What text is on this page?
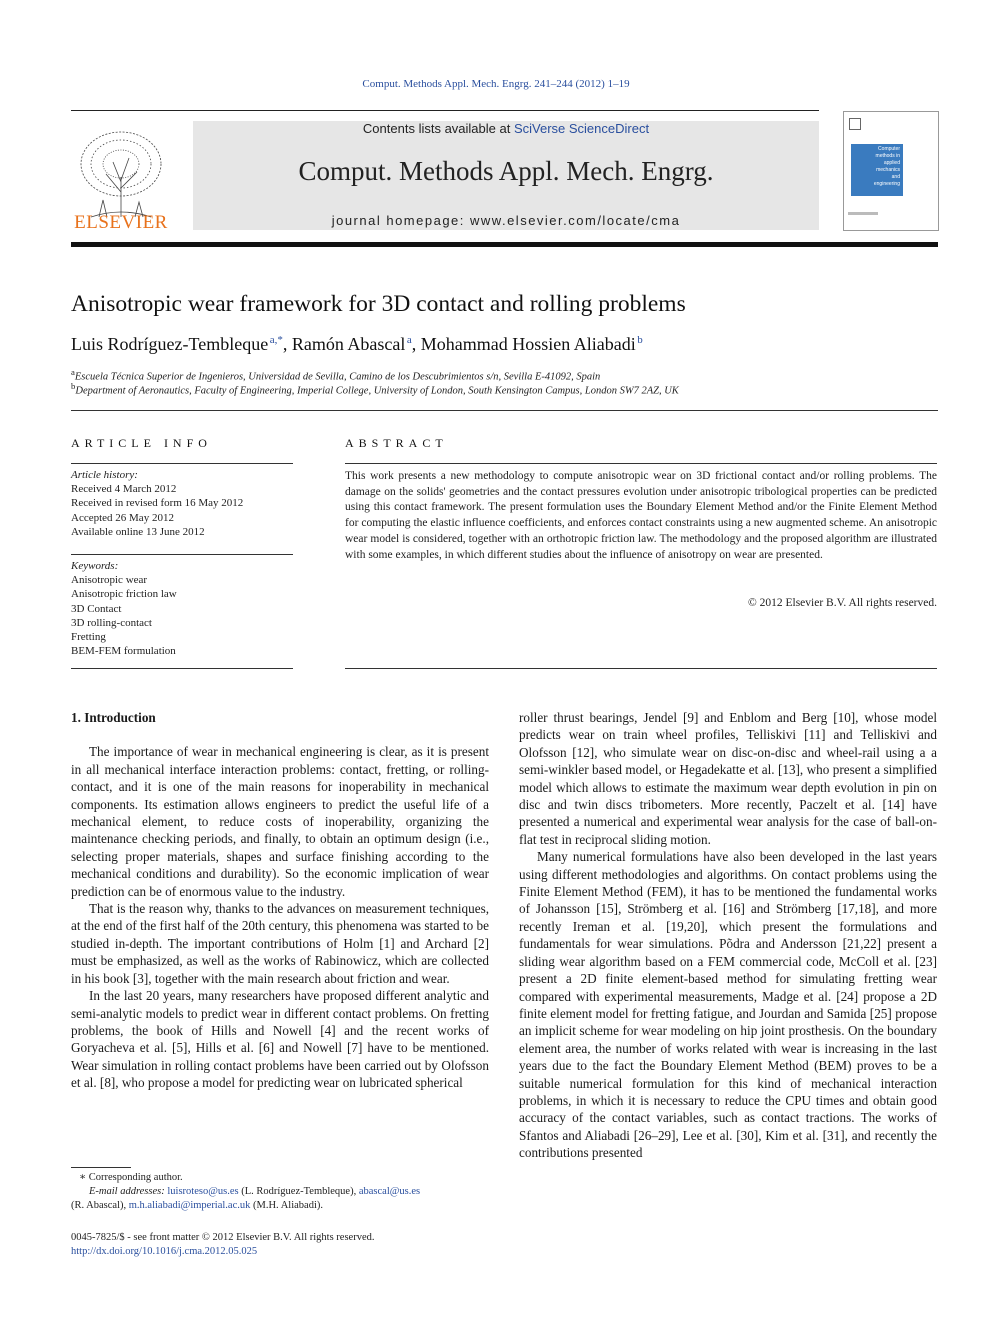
Comput. Methods Appl. Mech. Engrg. 241–244 (2012) 1–19
ELSEVIER
Contents lists available at SciVerse ScienceDirect
Comput. Methods Appl. Mech. Engrg.
journal homepage: www.elsevier.com/locate/cma
Computer
methods in
applied
mechanics
and
engineering
Anisotropic wear framework for 3D contact and rolling problems
Luis Rodríguez-Tembleque  $^{a,*}$, Ramón Abascal  $^a$, Mohammad Hossien Aliabadi  $^b$
$^a$Escuela Técnica Superior de Ingenieros, Universidad de Sevilla, Camino de los Descubrimientos s/n, Sevilla E-41092, Spain
$^b$Department of Aeronautics, Faculty of Engineering, Imperial College, University of London, South Kensington Campus, London SW7 2AZ, UK
ARTICLE INFO
Article history:
Received 4 March 2012
Received in revised form 16 May 2012
Accepted 26 May 2012
Available online 13 June 2012
Keywords:
Anisotropic wear
Anisotropic friction law
3D Contact
3D rolling-contact
Fretting
BEM-FEM formulation
ABSTRACT
This work presents a new methodology to compute anisotropic wear on 3D frictional contact and/or rolling problems. The damage on the solids' geometries and the contact pressures evolution under anisotropic tribological properties can be predicted using this contact framework. The present formulation uses the Boundary Element Method and/or the Finite Element Method for computing the elastic influence coefficients, and enforces contact constraints using a new augmented scheme. An anisotropic wear model is considered, together with an orthotropic friction law. The methodology and the proposed algorithm are illustrated with some examples, in which different studies about the influence of anisotropy on wear are presented.
© 2012 Elsevier B.V. All rights reserved.
1. Introduction

The importance of wear in mechanical engineering is clear, as it is present in all mechanical interface interaction problems: contact, fretting, or rolling-contact, and it is one of the main reasons for inoperability in mechanical components. Its estimation allows engineers to predict the useful life of a mechanical element, to reduce costs of inoperability, organizing the maintenance checking periods, and finally, to obtain an optimum design (i.e., selecting proper materials, shapes and surface finishing according to the mechanical conditions and durability). So the economic implication of wear prediction can be of enormous value to the industry.

That is the reason why, thanks to the advances on measurement techniques, at the end of the first half of the 20th century, this phenomena was started to be studied in-depth. The important contributions of Holm [1] and Archard [2] must be emphasized, as well as the works of Rabinowicz, which are collected in his book [3], together with the main research about friction and wear.

In the last 20 years, many researchers have proposed different analytic and semi-analytic models to predict wear in different contact problems. On fretting problems, the book of Hills and Nowell [4] and the recent works of Goryacheva et al. [5], Hills et al. [6] and Nowell [7] have to be mentioned. Wear simulation in rolling contact problems have been carried out by Olofsson et al. [8], who propose a model for predicting wear on lubricated spherical

roller thrust bearings, Jendel [9] and Enblom and Berg [10], whose model predicts wear on train wheel profiles, Telliskivi [11] and Telliskivi and Olofsson [12], who simulate wear on disc-on-disc and wheel-rail using a a semi-winkler based model, or Hegadekatte et al. [13], who present a simplified model which allows to estimate the maximum wear depth evolution in pin on disc and twin discs tribometers. More recently, Paczelt et al. [14] have presented a numerical and experimental wear analysis for the case of ball-on-flat test in reciprocal sliding motion.

Many numerical formulations have also been developed in the last years using different methodologies and algorithms. On contact problems using the Finite Element Method (FEM), it has to be mentioned the fundamental works of Johansson [15], Strömberg et al. [16] and Strömberg [17,18], and more recently Ireman et al. [19,20], which present the formulations and fundamentals for wear simulations. Põdra and Andersson [21,22] present a sliding wear algorithm based on a FEM commercial code, McColl et al. [23] present a 2D finite element-based method for simulating fretting wear compared with experimental measurements, Madge et al. [24] propose a 2D finite element model for fretting fatigue, and Jourdan and Samida [25] propose an implicit scheme for wear modeling on hip joint prosthesis. On the boundary element area, the number of works related with wear is increasing in the last years due to the fact the Boundary Element Method (BEM) proves to be a suitable numerical formulation for this kind of mechanical interaction problems, in which it is necessary to reduce the CPU times and obtain good accuracy of the contact variables, such as contact tractions. The works of Sfantos and Aliabadi [26–29], Lee et al. [30], Kim et al. [31], and recently the contributions presented

∗ Corresponding author.
E-mail addresses: luisroteso@us.es (L. Rodríguez-Tembleque), abascal@us.es
(R. Abascal), m.h.aliabadi@imperial.ac.uk (M.H. Aliabadi).
0045-7825/$ - see front matter © 2012 Elsevier B.V. All rights reserved.
http://dx.doi.org/10.1016/j.cma.2012.05.025
